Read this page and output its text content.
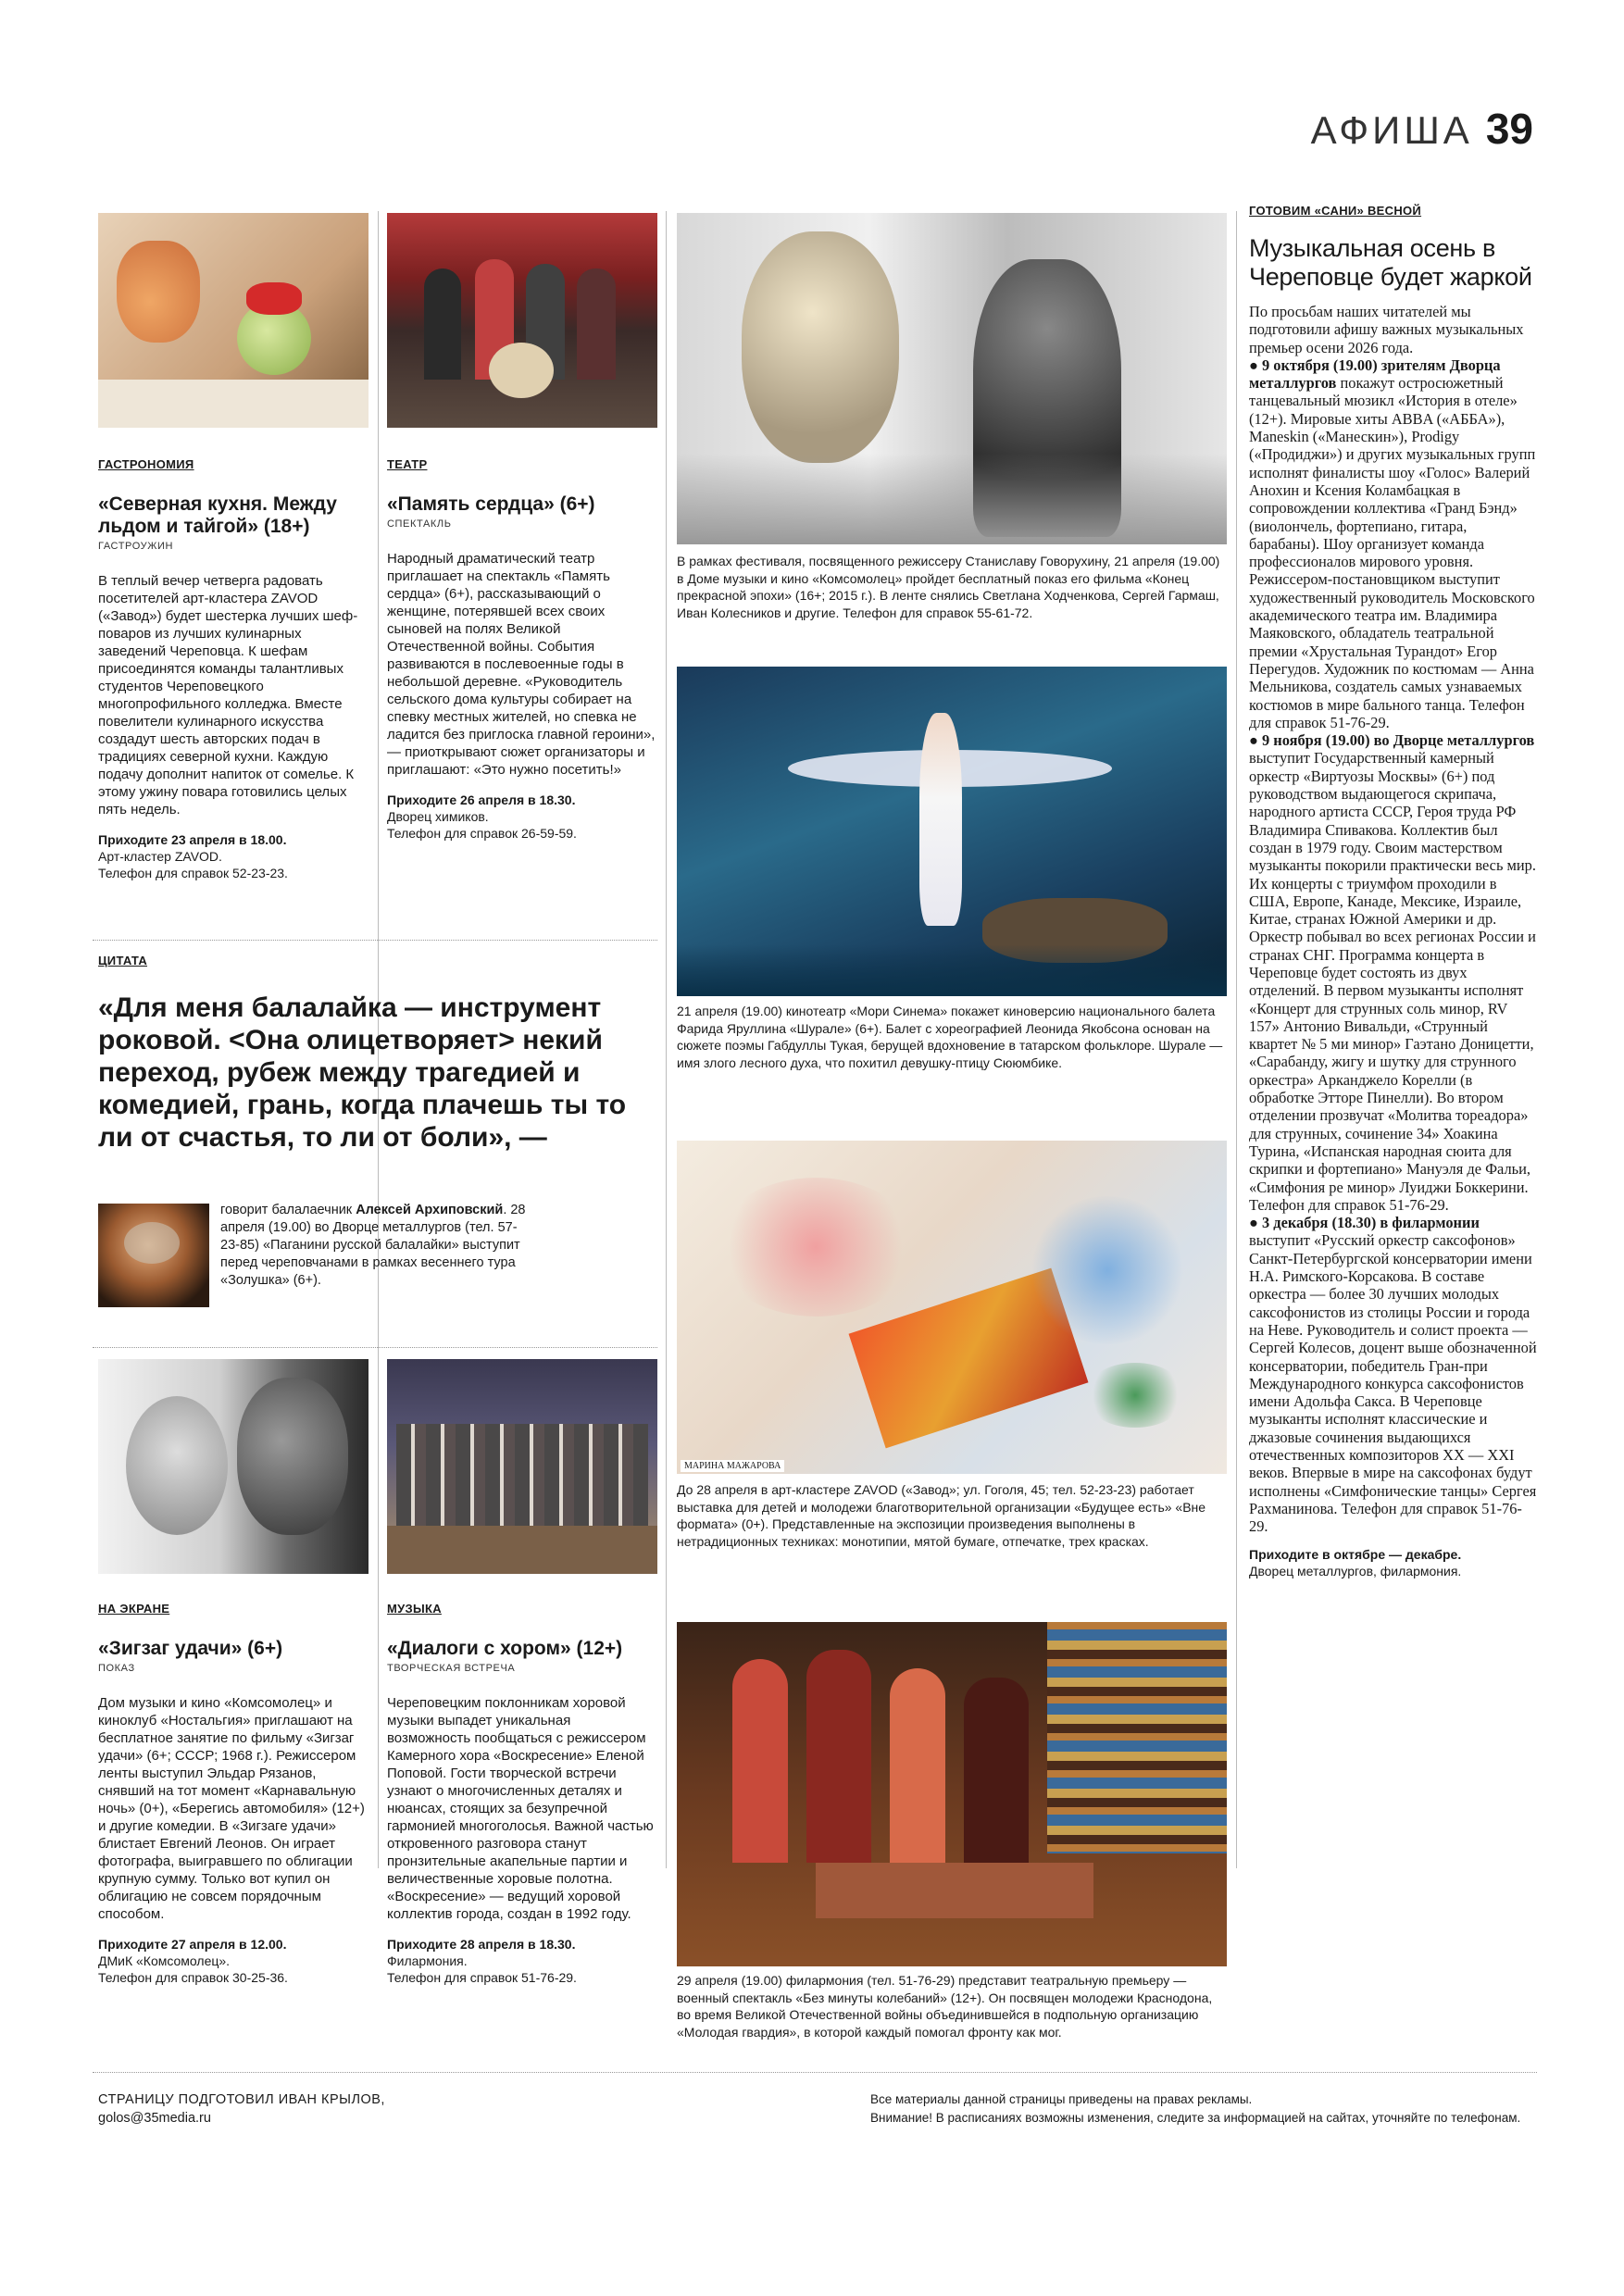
АФИША 39
ГАСТРОНОМИЯ
«Северная кухня. Между льдом и тайгой» (18+)
ГАСТРОУЖИН
В теплый вечер четверга радовать посетителей арт-кластера ZAVOD («Завод») будет шестерка лучших шеф-поваров из лучших кулинарных заведений Череповца. К шефам присоединятся команды талантливых студентов Череповецкого многопрофильного колледжа. Вместе повелители кулинарного искусства создадут шесть авторских подач в традициях северной кухни. Каждую подачу дополнит напиток от сомелье. К этому ужину повара готовились целых пять недель.
Приходите 23 апреля в 18.00.
Арт-кластер ZAVOD.
Телефон для справок 52-23-23.
ТЕАТР
«Память сердца» (6+)
СПЕКТАКЛЬ
Народный драматический театр приглашает на спектакль «Память сердца» (6+), рассказывающий о женщине, потерявшей всех своих сыновей на полях Великой Отечественной войны. События развиваются в послевоенные годы в небольшой деревне. «Руководитель сельского дома культуры собирает на спевку местных жителей, но спевка не ладится без приглоска главной героини», — приоткрывают сюжет организаторы и приглашают: «Это нужно посетить!»
Приходите 26 апреля в 18.30.
Дворец химиков.
Телефон для справок 26-59-59.
ЦИТАТА
«Для меня балалайка — инструмент роковой. <Она олицетворяет> некий переход, рубеж между трагедией и комедией, грань, когда плачешь ты то ли от счастья, то ли от боли», —
говорит балалаечник Алексей Архиповский. 28 апреля (19.00) во Дворце металлургов (тел. 57-23-85) «Паганини русской балалайки» выступит перед череповчанами в рамках весеннего тура «Золушка» (6+).
НА ЭКРАНЕ
«Зигзаг удачи» (6+)
ПОКАЗ
Дом музыки и кино «Комсомолец» и киноклуб «Ностальгия» приглашают на бесплатное занятие по фильму «Зигзаг удачи» (6+; СССР; 1968 г.). Режиссером ленты выступил Эльдар Рязанов, снявший на тот момент «Карнавальную ночь» (0+), «Берегись автомобиля» (12+) и другие комедии. В «Зигзаге удачи» блистает Евгений Леонов. Он играет фотографа, выигравшего по облигации крупную сумму. Только вот купил он облигацию не совсем порядочным способом.
Приходите 27 апреля в 12.00.
ДМиК «Комсомолец».
Телефон для справок 30-25-36.
МУЗЫКА
«Диалоги с хором» (12+)
ТВОРЧЕСКАЯ ВСТРЕЧА
Череповецким поклонникам хоровой музыки выпадет уникальная возможность пообщаться с режиссером Камерного хора «Воскресение» Еленой Поповой. Гости творческой встречи узнают о многочисленных деталях и нюансах, стоящих за безупречной гармонией многоголосья. Важной частью откровенного разговора станут пронзительные акапельные партии и величественные хоровые полотна. «Воскресение» — ведущий хоровой коллектив города, создан в 1992 году.
Приходите 28 апреля в 18.30.
Филармония.
Телефон для справок 51-76-29.
В рамках фестиваля, посвященного режиссеру Станиславу Говорухину, 21 апреля (19.00) в Доме музыки и кино «Комсомолец» пройдет бесплатный показ его фильма «Конец прекрасной эпохи» (16+; 2015 г.). В ленте снялись Светлана Ходченкова, Сергей Гармаш, Иван Колесников и другие. Телефон для справок 55-61-72.
21 апреля (19.00) кинотеатр «Мори Синема» покажет киноверсию национального балета Фарида Яруллина «Шурале» (6+). Балет с хореографией Леонида Якобсона основан на сюжете поэмы Габдуллы Тукая, берущей вдохновение в татарском фольклоре. Шурале — имя злого лесного духа, что похитил девушку-птицу Сююмбике.
МАРИНА МАЖАРОВА
До 28 апреля в арт-кластере ZAVOD («Завод»; ул. Гоголя, 45; тел. 52-23-23) работает выставка для детей и молодежи благотворительной организации «Будущее есть» «Вне формата» (0+). Представленные на экспозиции произведения выполнены в нетрадиционных техниках: монотипии, мятой бумаге, отпечатке, трех красках.
29 апреля (19.00) филармония (тел. 51-76-29) представит театральную премьеру — военный спектакль «Без минуты колебаний» (12+). Он посвящен молодежи Краснодона, во время Великой Отечественной войны объединившейся в подпольную организацию «Молодая гвардия», в которой каждый помогал фронту как мог.
ГОТОВИМ «САНИ» ВЕСНОЙ
Музыкальная осень в Череповце будет жаркой
По просьбам наших читателей мы подготовили афишу важных музыкальных премьер осени 2026 года.
● 9 октября (19.00) зрителям Дворца металлургов покажут остросюжетный танцевальный мюзикл «История в отеле» (12+). Мировые хиты ABBA («АББА»), Maneskin («Манескин»), Prodigy («Продиджи») и других музыкальных групп исполнят финалисты шоу «Голос» Валерий Анохин и Ксения Коламбацкая в сопровождении коллектива «Гранд Бэнд» (виолончель, фортепиано, гитара, барабаны). Шоу организует команда профессионалов мирового уровня. Режиссером-постановщиком выступит художественный руководитель Московского академического театра им. Владимира Маяковского, обладатель театральной премии «Хрустальная Турандот» Егор Перегудов. Художник по костюмам — Анна Мельникова, создатель самых узнаваемых костюмов в мире бального танца. Телефон для справок 51-76-29.
● 9 ноября (19.00) во Дворце металлургов выступит Государственный камерный оркестр «Виртуозы Москвы» (6+) под руководством выдающегося скрипача, народного артиста СССР, Героя труда РФ Владимира Спивакова. Коллектив был создан в 1979 году. Своим мастерством музыканты покорили практически весь мир. Их концерты с триумфом проходили в США, Европе, Канаде, Мексике, Израиле, Китае, странах Южной Америки и др. Оркестр побывал во всех регионах России и странах СНГ. Программа концерта в Череповце будет состоять из двух отделений. В первом музыканты исполнят «Концерт для струнных соль минор, RV 157» Антонио Вивальди, «Струнный квартет № 5 ми минор» Гаэтано Доницетти, «Сарабанду, жигу и шутку для струнного оркестра» Арканджело Корелли (в обработке Этторе Пинелли). Во втором отделении прозвучат «Молитва тореадора» для струнных, сочинение 34» Хоакина Турина, «Испанская народная сюита для скрипки и фортепиано» Мануэля де Фальи, «Симфония ре минор» Луиджи Боккерини. Телефон для справок 51-76-29.
● 3 декабря (18.30) в филармонии выступит «Русский оркестр саксофонов» Санкт-Петербургской консерватории имени Н.А. Римского-Корсакова. В составе оркестра — более 30 лучших молодых саксофонистов из столицы России и города на Неве. Руководитель и солист проекта — Сергей Колесов, доцент выше обозначенной консерватории, победитель Гран-при Международного конкурса саксофонистов имени Адольфа Сакса. В Череповце музыканты исполнят классические и джазовые сочинения выдающихся отечественных композиторов XX — XXI веков. Впервые в мире на саксофонах будут исполнены «Симфонические танцы» Сергея Рахманинова. Телефон для справок 51-76-29.
Приходите в октябре — декабре.
Дворец металлургов, филармония.
СТРАНИЦУ ПОДГОТОВИЛ ИВАН КРЫЛОВ,
golos@35media.ru
Все материалы данной страницы приведены на правах рекламы.
Внимание! В расписаниях возможны изменения, следите за информацией на сайтах, уточняйте по телефонам.
